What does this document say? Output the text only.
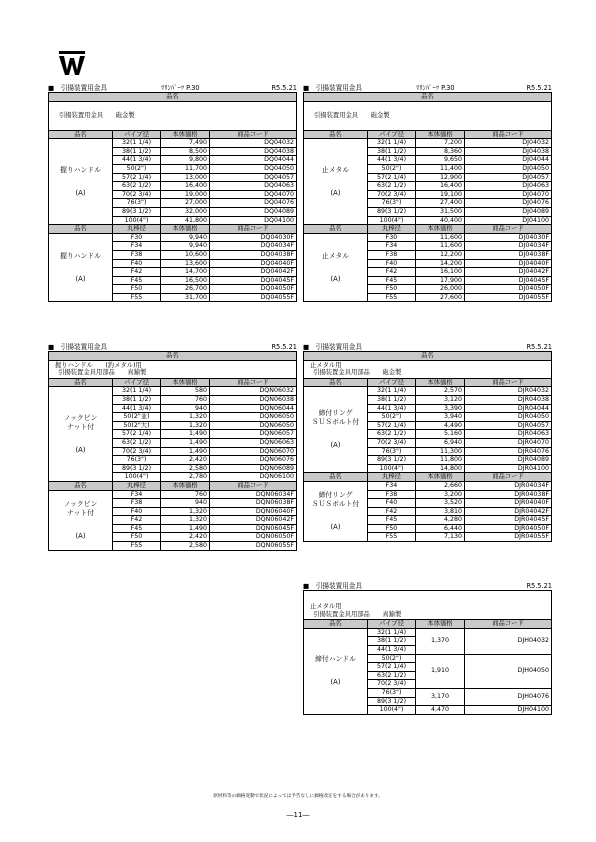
■　引揚装置用金具	ﾏﾘﾝﾊﾟｰﾂ P.30	R5.5.21
品名			
引揚装置用金具   砲金製			
品名	パイプ径	本体価格	商品コード

握りハンドル
(A)	32(1 1/4)	7,490	DQ04032
	38(1 1/2)	8,500	DQ04038
	44(1 3/4)	9,800	DQ04044
	50(2")	11,700	DQ04050
	57(2 1/4)	13,000	DQ04057
	63(2 1/2)	16,400	DQ04063
	70(2 3/4)	19,000	DQ04070
	76(3")	27,000	DQ04076
	89(3 1/2)	32,000	DQ04089
	100(4")	41,800	DQ04100
品名	丸棒径	本体価格	商品コード

握りハンドル
(A)	F30	9,940	DQ04030F
	F34	9,940	DQ04034F
	F38	10,600	DQ04038F
	F40	13,600	DQ04040F
	F42	14,700	DQ04042F
	F45	16,500	DQ04045F
	F50	26,700	DQ04050F
	F55	31,700	DQ04055F
■　引揚装置用金具	ﾏﾘﾝﾊﾟｰﾂ P.30	R5.5.21
品名			
引揚装置用金具   砲金製			
品名	パイプ径	本体価格	商品コード

止メタル
(A)	32(1 1/4)	7,200	DJ04032
	38(1 1/2)	8,360	DJ04038
	44(1 3/4)	9,650	DJ04044
	50(2")	11,400	DJ04050
	57(2 1/4)	12,900	DJ04057
	63(2 1/2)	16,400	DJ04063
	70(2 3/4)	19,100	DJ04070
	76(3")	27,400	DJ04076
	89(3 1/2)	31,500	DJ04089
	100(4")	40,400	DJ04100
品名	丸棒径	本体価格	商品コード

止メタル
(A)	F30	11,600	DJ04030F
	F34	11,600	DJ04034F
	F38	12,200	DJ04038F
	F40	14,200	DJ04040F
	F42	16,100	DJ04042F
	F45	17,900	DJ04045F
	F50	26,000	DJ04050F
	F55	27,600	DJ04055F
■　引揚装置用金具	R5.5.21
品名			

握りハンドル　　(釣メタル)用
 引揚装置金具用部品   真鍮製			

品名	パイプ径	本体価格	商品コード

ノックピン
ナット付
(A)	32(1 1/4)	580	DQN06032
	38(1 1/2)	760	DQN06038
	44(1 3/4)	940	DQN06044
	50(2"並)	1,320	DQN06050
	50(2"大)	1,320	DQN06050
	57(2 1/4)	1,490	DQN06057
	63(2 1/2)	1,490	DQN06063
	70(2 3/4)	1,490	DQN06070
	76(3")	2,420	DQN06076
	89(3 1/2)	2,580	DQN06089
	100(4")	2,780	DQN06100
品名	丸棒径	本体価格	商品コード

ノックピン
ナット付
(A)	F34	760	DQN06034F
	F38	940	DQN06038F
	F40	1,320	DQN06040F
	F42	1,320	DQN06042F
	F45	1,490	DQN06045F
	F50	2,420	DQN06050F
	F55	2,580	DQN06055F
■　引揚装置用金具	R5.5.21
品名			

止メタル用
 引揚装置金具用部品   砲金製			

品名	パイプ径	本体価格	商品コード

締付リング
ＳＵＳボルト付
(A)	32(1 1/4)	2,570	DJR04032
	38(1 1/2)	3,120	DJR04038
	44(1 3/4)	3,390	DJR04044
	50(2")	3,940	DJR04050
	57(2 1/4)	4,490	DJR04057
	63(2 1/2)	5,160	DJR04063
	70(2 3/4)	6,940	DJR04070
	76(3")	11,300	DJR04076
	89(3 1/2)	11,800	DJR04089
	100(4")	14,800	DJR04100
品名	丸棒径	本体価格	商品コード

締付リング
ＳＵＳボルト付
(A)	F34	2,660	DJR04034F
	F38	3,200	DJR04038F
	F40	3,520	DJR04040F
	F42	3,810	DJR04042F
	F45	4,280	DJR04045F
	F50	6,440	DJR04050F
	F55	7,130	DJR04055F
■　引揚装置用金具	R5.5.21
止メタル用
 引揚装置金具用部品   真鍮製			

品名	パイプ径	本体価格	商品コード

締付ハンドル
(A)	32(1 1/4)	1,370	DJH04032
	38(1 1/2)		
	44(1 3/4)		
	50(2")	1,910	DJH04050
	57(2 1/4)		
	63(2 1/2)		
	70(2 3/4)		
	76(3")	3,170	DJH04076
	89(3 1/2)		
	100(4")	4,470	DJH04100
原材料等の価格変動で状況によっては予告なしに価格改定をする場合があります。
―11―
